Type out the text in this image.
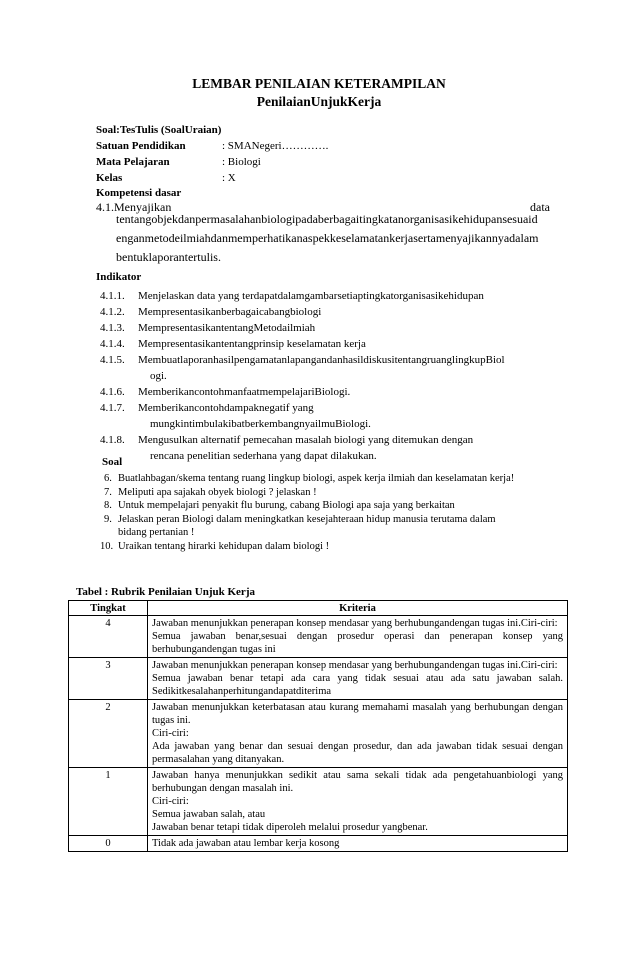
LEMBAR PENILAIAN KETERAMPILAN
PenilaianUnjukKerja
Soal:TesTulis (SoalUraian)
Satuan Pendidikan	: SMANegeri………….
Mata Pelajaran	: Biologi
Kelas	: X
Kompetensi dasar
4.1.Menyajikan	data
tentangobjekdanpermasalahanbiologipadaberbagaitingkatanorganisasikehidupansesuaid
enganmetodeilmiahdanmemperhatikanaspekkeselamatankerjasertamenyajikannyadalam
bentuklaporantertulis.
Indikator
4.1.1.	Menjelaskan data yang terdapatdalamgambarsetiaptingkatorganisasikehidupan
4.1.2.	Mempresentasikanberbagaicabangbiologi
4.1.3.	MempresentasikantentangMetodailmiah
4.1.4.	Mempresentasikantentangprinsip keselamatan kerja
4.1.5.	MembuatlaporanhasilpengamatanlapangandanhasildiskusitentangruanglingkupBiol
ogi.
4.1.6.	MemberikancontohmanfaatmempelajariBiologi.
4.1.7.	Memberikancontohdampaknegatif yang
mungkintimbulakibatberkembangnyailmuBiologi.
4.1.8.	Mengusulkan alternatif pemecahan masalah biologi yang ditemukan dengan
rencana penelitian sederhana yang dapat dilakukan.
Soal
6. Buatlahbagan/skema tentang ruang lingkup biologi, aspek kerja ilmiah dan keselamatan kerja!
7. Meliputi apa sajakah obyek biologi ? jelaskan !
8. Untuk mempelajari penyakit flu burung, cabang Biologi apa saja yang berkaitan
9. Jelaskan peran Biologi dalam meningkatkan kesejahteraan hidup manusia terutama dalam
bidang pertanian !
10. Uraikan tentang hirarki kehidupan dalam biologi !
Tabel : Rubrik Penilaian Unjuk Kerja
Tingkat	Kriteria
4	Jawaban menunjukkan penerapan konsep mendasar yang berhubungandengan tugas ini.Ciri-ciri:
Semua jawaban benar,sesuai dengan prosedur operasi dan penerapan konsep yang berhubungandengan tugas ini

3	Jawaban menunjukkan penerapan konsep mendasar yang berhubungandengan tugas ini.Ciri-ciri:
Semua jawaban benar tetapi ada cara yang tidak sesuai atau ada satu jawaban salah. Sedikitkesalahanperhitungandapatditerima

2	Jawaban menunjukkan keterbatasan atau kurang memahami masalah yang berhubungan dengan tugas ini.
Ciri-ciri:
Ada jawaban yang benar dan sesuai dengan prosedur, dan ada jawaban tidak sesuai dengan permasalahan yang ditanyakan.

1	Jawaban hanya menunjukkan sedikit atau sama sekali tidak ada pengetahuanbiologi yang berhubungan dengan masalah ini.
Ciri-ciri:
Semua jawaban salah, atau
Jawaban benar tetapi tidak diperoleh melalui prosedur yangbenar.

0	Tidak ada jawaban atau lembar kerja kosong
